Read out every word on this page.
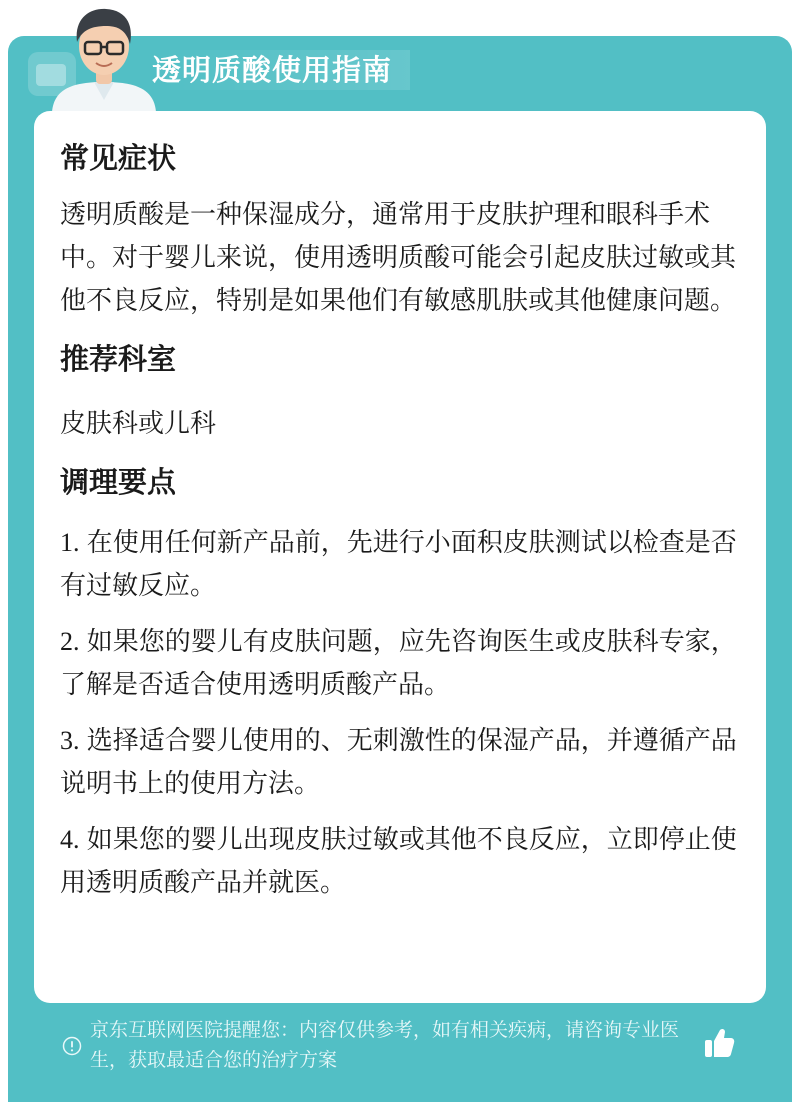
透明质酸使用指南
常见症状

透明质酸是一种保湿成分，通常用于皮肤护理和眼科手术中。对于婴儿来说，使用透明质酸可能会引起皮肤过敏或其他不良反应，特别是如果他们有敏感肌肤或其他健康问题。

推荐科室

皮肤科或儿科

调理要点
1. 在使用任何新产品前，先进行小面积皮肤测试以检查是否有过敏反应。
2. 如果您的婴儿有皮肤问题，应先咨询医生或皮肤科专家，了解是否适合使用透明质酸产品。
3. 选择适合婴儿使用的、无刺激性的保湿产品，并遵循产品说明书上的使用方法。
4. 如果您的婴儿出现皮肤过敏或其他不良反应，立即停止使用透明质酸产品并就医。
京东互联网医院提醒您：内容仅供参考，如有相关疾病，请咨询专业医生，获取最适合您的治疗方案
